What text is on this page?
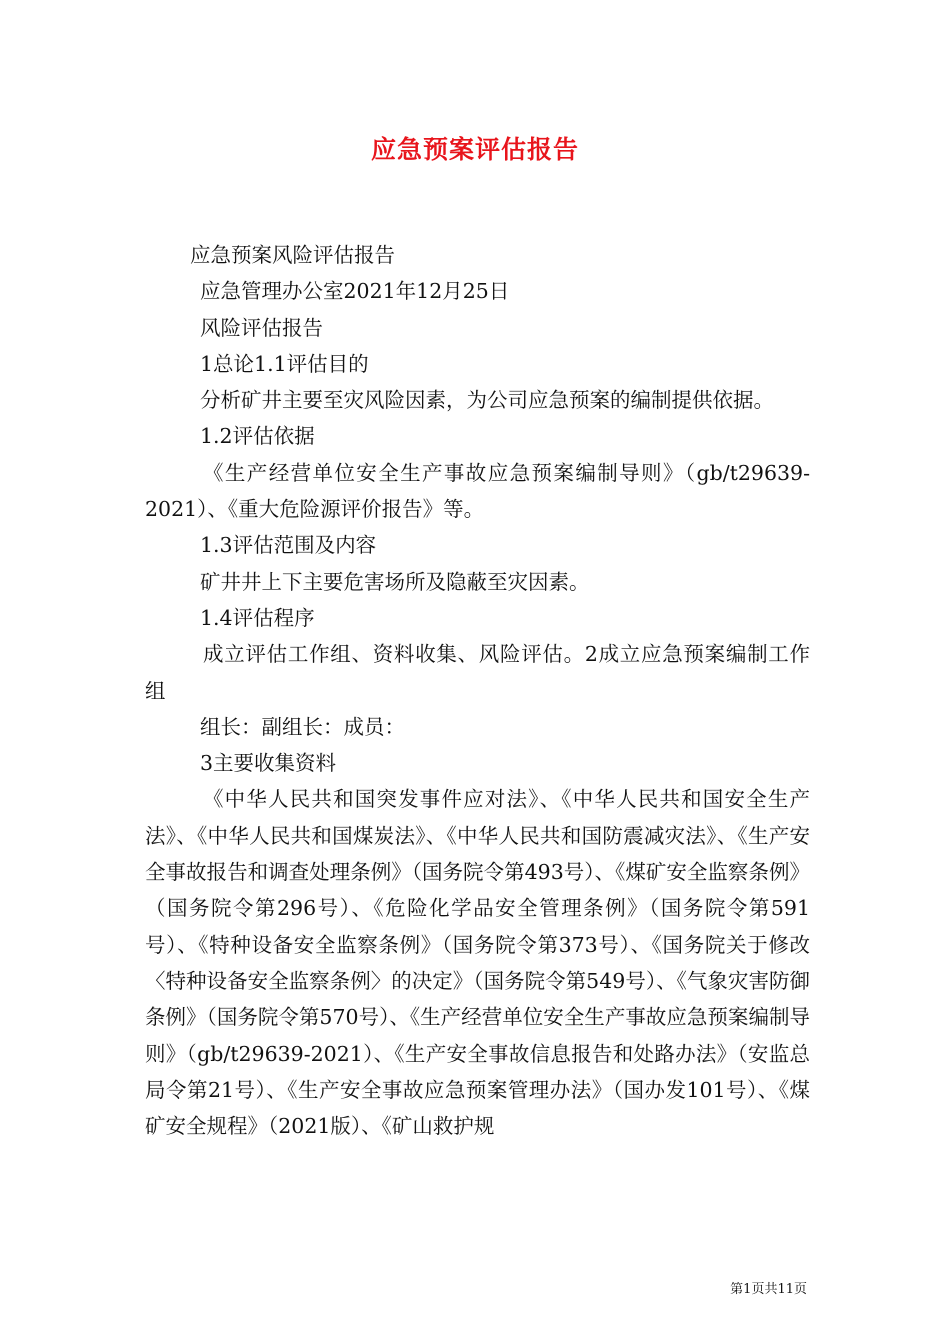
应急预案评估报告

应急预案风险评估报告

应急管理办公室2021年12月25日

风险评估报告

1总论1.1评估目的

分析矿井主要至灾风险因素，为公司应急预案的编制提供依据。

1.2评估依据

《生产经营单位安全生产事故应急预案编制导则》（gb/t29639-2021）、《重大危险源评价报告》等。

1.3评估范围及内容

矿井井上下主要危害场所及隐蔽至灾因素。

1.4评估程序

成立评估工作组、资料收集、风险评估。2成立应急预案编制工作组

组长：副组长：成员：

3主要收集资料

《中华人民共和国突发事件应对法》、《中华人民共和国安全生产法》、《中华人民共和国煤炭法》、《中华人民共和国防震减灾法》、《生产安全事故报告和调查处理条例》（国务院令第493号）、《煤矿安全监察条例》（国务院令第296号）、《危险化学品安全管理条例》（国务院令第591号）、《特种设备安全监察条例》（国务院令第373号）、《国务院关于修改〈特种设备安全监察条例〉的决定》（国务院令第549号）、《气象灾害防御条例》（国务院令第570号）、《生产经营单位安全生产事故应急预案编制导则》（gb/t29639-2021）、《生产安全事故信息报告和处路办法》（安监总局令第21号）、《生产安全事故应急预案管理办法》（国办发101号）、《煤矿安全规程》（2021版）、《矿山救护规

第1页共11页
